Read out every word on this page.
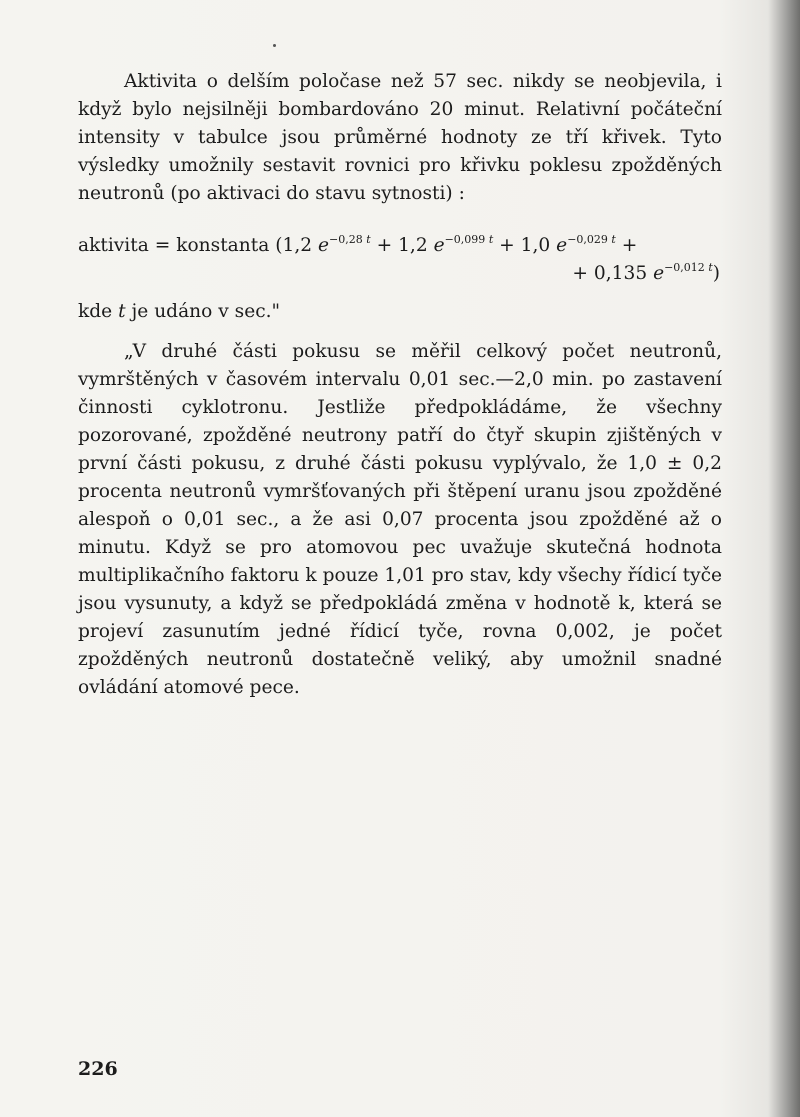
Aktivita o delším poločase než 57 sec. nikdy se neobjevila, i když bylo nejsilněji bombardováno 20 minut. Relativní počáteční intensity v tabulce jsou průměrné hodnoty ze tří křivek. Tyto výsledky umožnily sestavit rovnici pro křivku poklesu zpožděných neutronů (po aktivaci do stavu sytnosti) :

aktivita = konstanta (1,2 $e^{-0,28 t} + 1,2$ $e^{-0,099 t} + 1,0$ $e^{-0,029 t}$ +
+ 0,135 $e^{-0,012 t}$)

kde t je udáno v sec."

„V druhé části pokusu se měřil celkový počet neutronů, vymrštěných v časovém intervalu 0,01 sec.—2,0 min. po zastavení činnosti cyklotronu. Jestliže předpokládáme, že všechny pozorované, zpožděné neutrony patří do čtyř skupin zjištěných v první části pokusu, z druhé části pokusu vyplývalo, že 1,0 ± 0,2 procenta neutronů vymršťovaných při štěpení uranu jsou zpožděné alespoň o 0,01 sec., a že asi 0,07 procenta jsou zpožděné až o minutu. Když se pro atomovou pec uvažuje skutečná hodnota multiplikačního faktoru k pouze 1,01 pro stav, kdy všechy řídicí tyče jsou vysunuty, a když se předpokládá změna v hodnotě k, která se projeví zasunutím jedné řídicí tyče, rovna 0,002, je počet zpožděných neutronů dostatečně veliký, aby umožnil snadné ovládání atomové pece.

226
